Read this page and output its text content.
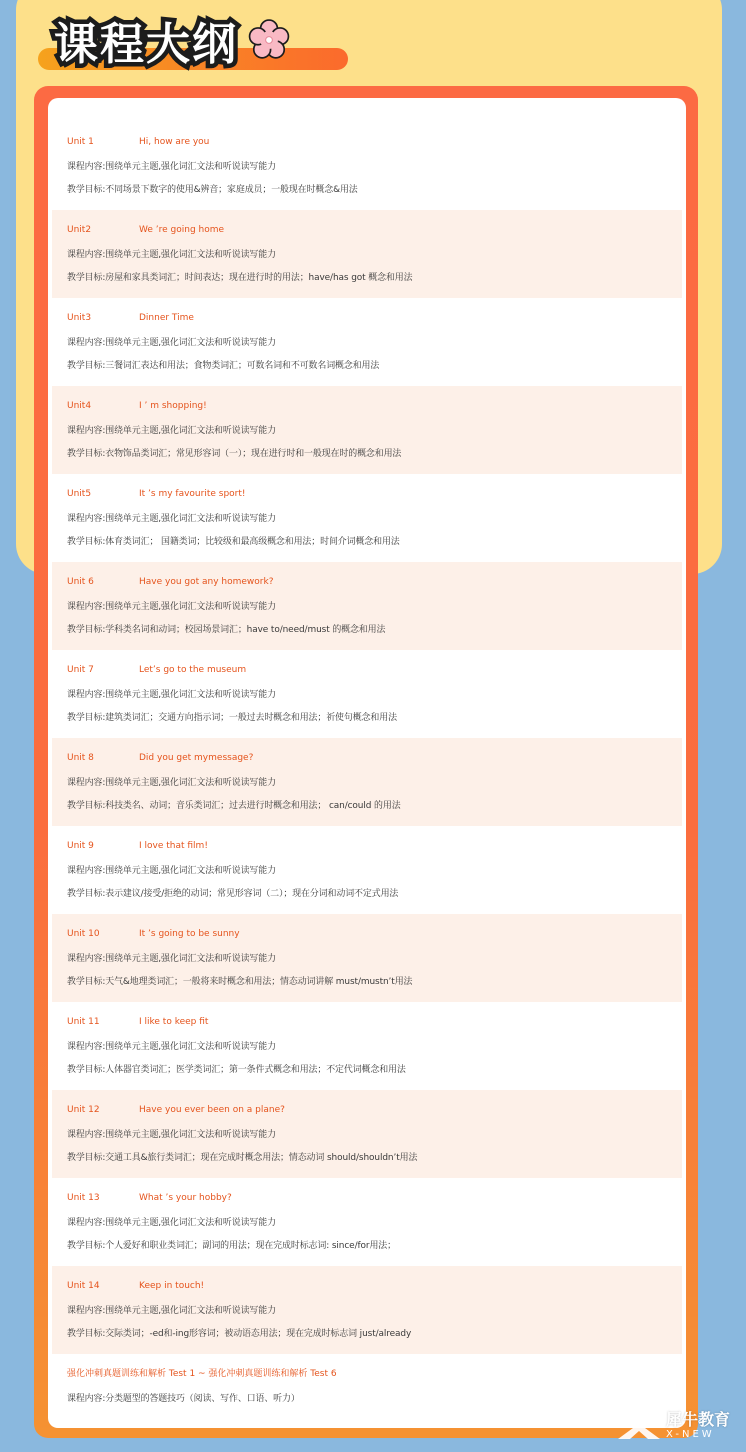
课程大纲
Unit 1	Hi, how are you
课程内容:围绕单元主题,强化词汇文法和听说读写能力
教学目标:不同场景下数字的使用&辨音；家庭成员；一般现在时概念&用法
Unit2	We ’re going home
课程内容:围绕单元主题,强化词汇文法和听说读写能力
教学目标:房屋和家具类词汇；时间表达；现在进行时的用法；have/has got 概念和用法
Unit3	Dinner Time
课程内容:围绕单元主题,强化词汇文法和听说读写能力
教学目标:三餐词汇表达和用法；食物类词汇；可数名词和不可数名词概念和用法
Unit4	I ’ m shopping!
课程内容:围绕单元主题,强化词汇文法和听说读写能力
教学目标:衣物饰品类词汇；常见形容词（一）；现在进行时和一般现在时的概念和用法
Unit5	It ’s my favourite sport!
课程内容:围绕单元主题,强化词汇文法和听说读写能力
教学目标:体育类词汇； 国籍类词；比较级和最高级概念和用法；时间介词概念和用法
Unit 6	Have you got any homework?
课程内容:围绕单元主题,强化词汇文法和听说读写能力
教学目标:学科类名词和动词；校园场景词汇；have to/need/must 的概念和用法
Unit 7	Let’s go to the museum
课程内容:围绕单元主题,强化词汇文法和听说读写能力
教学目标:建筑类词汇；交通方向指示词；一般过去时概念和用法；祈使句概念和用法
Unit 8	Did you get mymessage?
课程内容:围绕单元主题,强化词汇文法和听说读写能力
教学目标:科技类名、动词；音乐类词汇；过去进行时概念和用法； can/could 的用法
Unit 9	I love that film!
课程内容:围绕单元主题,强化词汇文法和听说读写能力
教学目标:表示建议/接受/拒绝的动词；常见形容词（二）；现在分词和动词不定式用法
Unit 10	It ’s going to be sunny
课程内容:围绕单元主题,强化词汇文法和听说读写能力
教学目标:天气&地理类词汇；一般将来时概念和用法；情态动词讲解 must/mustn’t用法
Unit 11	I like to keep fit
课程内容:围绕单元主题,强化词汇文法和听说读写能力
教学目标:人体器官类词汇；医学类词汇；第一条件式概念和用法；不定代词概念和用法
Unit 12	Have you ever been on a plane?
课程内容:围绕单元主题,强化词汇文法和听说读写能力
教学目标:交通工具&旅行类词汇；现在完成时概念用法；情态动词 should/shouldn’t用法
Unit 13	What ’s your hobby?
课程内容:围绕单元主题,强化词汇文法和听说读写能力
教学目标:个人爱好和职业类词汇；副词的用法；现在完成时标志词: since/for用法；
Unit 14	Keep in touch!
课程内容:围绕单元主题,强化词汇文法和听说读写能力
教学目标:交际类词；-ed和-ing形容词；被动语态用法；现在完成时标志词 just/already
强化冲刺真题训练和解析 Test 1 ~ 强化冲刺真题训练和解析 Test 6
课程内容:分类题型的答题技巧（阅读、写作、口语、听力）
犀牛教育
X-NEW
